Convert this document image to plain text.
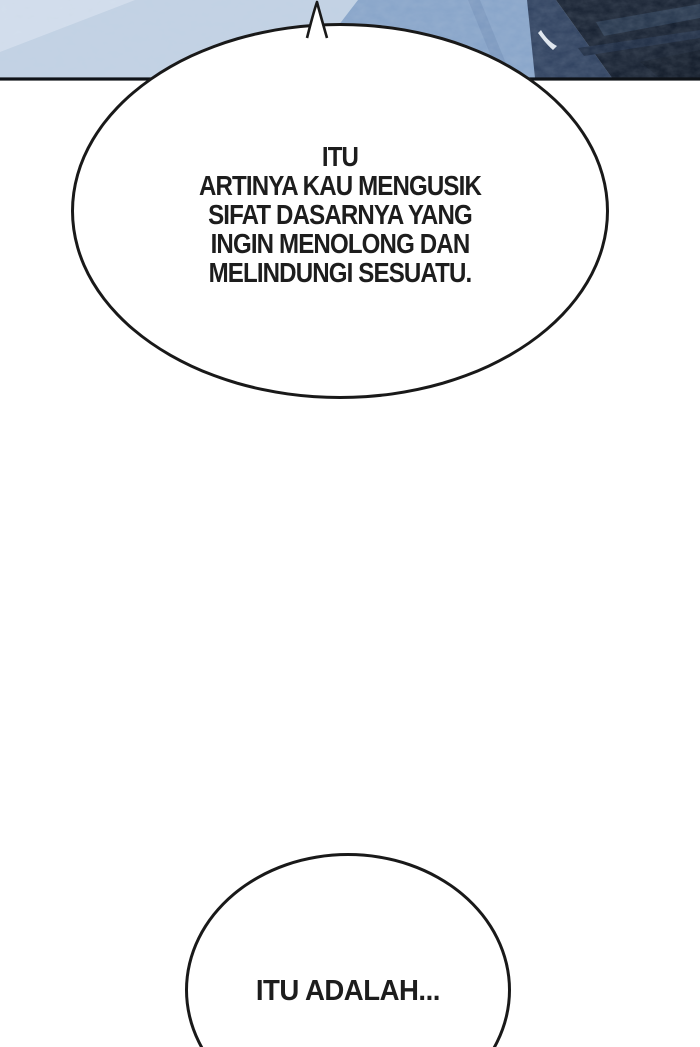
ITU
ARTINYA KAU MENGUSIK
SIFAT DASARNYA YANG
INGIN MENOLONG DAN
MELINDUNGI SESUATU.
ITU ADALAH...
